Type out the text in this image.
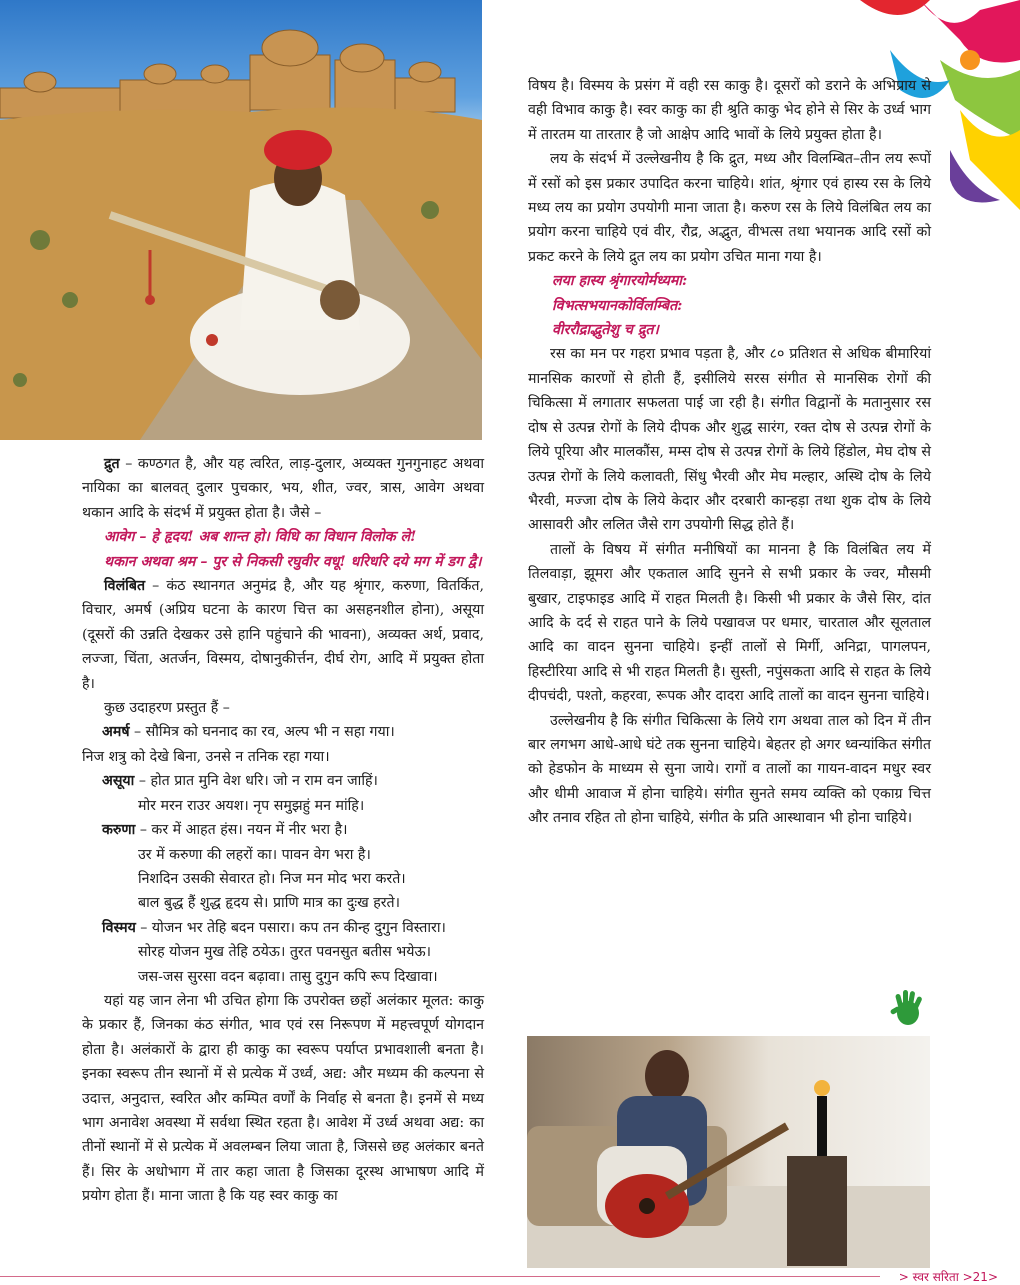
द्रुत – कण्ठगत है, और यह त्वरित, लाड़-दुलार, अव्यक्त गुनगुनाहट अथवा नायिका का बालवत् दुलार पुचकार, भय, शीत, ज्वर, त्रास, आवेग अथवा थकान आदि के संदर्भ में प्रयुक्त होता है। जैसे –

आवेग – हे हृदय! अब शान्त हो। विधि का विधान विलोक ले!

थकान अथवा श्रम – पुर से निकसी रघुवीर वधू! धरिधरि दये मग में डग द्वै।

विलंबित – कंठ स्थानगत अनुमंद्र है, और यह श्रृंगार, करुणा, वितर्कित, विचार, अमर्ष (अप्रिय घटना के कारण चित्त का असहनशील होना), असूया (दूसरों की उन्नति देखकर उसे हानि पहुंचाने की भावना), अव्यक्त अर्थ, प्रवाद, लज्जा, चिंता, अतर्जन, विस्मय, दोषानुकीर्त्तन, दीर्घ रोग, आदि में प्रयुक्त होता है।

कुछ उदाहरण प्रस्तुत हैं –

अमर्ष – सौमित्र को घननाद का रव, अल्प भी न सहा गया।

निज शत्रु को देखे बिना, उनसे न तनिक रहा गया।

असूया – होत प्रात मुनि वेश धरि। जो न राम वन जाहिं।

मोर मरन राउर अयश। नृप समुझहुं मन मांहि।

करुणा – कर में आहत हंस। नयन में नीर भरा है।

उर में करुणा की लहरों का। पावन वेग भरा है।

निशदिन उसकी सेवारत हो। निज मन मोद भरा करते।

बाल बुद्ध हैं शुद्ध हृदय से। प्राणि मात्र का दुःख हरते।

विस्मय – योजन भर तेहि बदन पसारा। कप तन कीन्ह दुगुन विस्तारा।

सोरह योजन मुख तेहि ठयेऊ। तुरत पवनसुत बतीस भयेऊ।

जस-जस सुरसा वदन बढ़ावा। तासु दुगुन कपि रूप दिखावा।

यहां यह जान लेना भी उचित होगा कि उपरोक्त छहों अलंकार मूलत: काकु के प्रकार हैं, जिनका कंठ संगीत, भाव एवं रस निरूपण में महत्त्वपूर्ण योगदान होता है। अलंकारों के द्वारा ही काकु का स्वरूप पर्याप्त प्रभावशाली बनता है। इनका स्वरूप तीन स्थानों में से प्रत्येक में उर्ध्व, अद्य: और मध्यम की कल्पना से उदात्त, अनुदात्त, स्वरित और कम्पित वर्णों के निर्वाह से बनता है। इनमें से मध्य भाग अनावेश अवस्था में सर्वथा स्थित रहता है। आवेश में उर्ध्व अथवा अद्य: का तीनों स्थानों में से प्रत्येक में अवलम्बन लिया जाता है, जिससे छह अलंकार बनते हैं। सिर के अधोभाग में तार कहा जाता है जिसका दूरस्थ आभाषण आदि में प्रयोग होता हैं। माना जाता है कि यह स्वर काकु का

विषय है। विस्मय के प्रसंग में वही रस काकु है। दूसरों को डराने के अभिप्राय से वही विभाव काकु है। स्वर काकु का ही श्रुति काकु भेद होने से सिर के उर्ध्व भाग में तारतम या तारतार है जो आक्षेप आदि भावों के लिये प्रयुक्त होता है।

लय के संदर्भ में उल्लेखनीय है कि द्रुत, मध्य और विलम्बित–तीन लय रूपों में रसों को इस प्रकार उपादित करना चाहिये। शांत, श्रृंगार एवं हास्य रस के लिये मध्य लय का प्रयोग उपयोगी माना जाता है। करुण रस के लिये विलंबित लय का प्रयोग करना चाहिये एवं वीर, रौद्र, अद्भुत, वीभत्स तथा भयानक आदि रसों को प्रकट करने के लिये द्रुत लय का प्रयोग उचित माना गया है।

लया हास्य श्रृंगारयोर्मध्यमा:

विभत्सभयानकोर्विलम्बित:

वीररौद्राद्भुतेशु च द्रुत।

रस का मन पर गहरा प्रभाव पड़ता है, और ८० प्रतिशत से अधिक बीमारियां मानसिक कारणों से होती हैं, इसीलिये सरस संगीत से मानसिक रोगों की चिकित्सा में लगातार सफलता पाई जा रही है। संगीत विद्वानों के मतानुसार रस दोष से उत्पन्न रोगों के लिये दीपक और शुद्ध सारंग, रक्त दोष से उत्पन्न रोगों के लिये पूरिया और मालकौंस, मम्स दोष से उत्पन्न रोगों के लिये हिंडोल, मेघ दोष से उत्पन्न रोगों के लिये कलावती, सिंधु भैरवी और मेघ मल्हार, अस्थि दोष के लिये भैरवी, मज्जा दोष के लिये केदार और दरबारी कान्हड़ा तथा शुक दोष के लिये आसावरी और ललित जैसे राग उपयोगी सिद्ध होते हैं।

तालों के विषय में संगीत मनीषियों का मानना है कि विलंबित लय में तिलवाड़ा, झूमरा और एकताल आदि सुनने से सभी प्रकार के ज्वर, मौसमी बुखार, टाइफाइड आदि में राहत मिलती है। किसी भी प्रकार के जैसे सिर, दांत आदि के दर्द से राहत पाने के लिये पखावज पर धमार, चारताल और सूलताल आदि का वादन सुनना चाहिये। इन्हीं तालों से मिर्गी, अनिद्रा, पागलपन, हिस्टीरिया आदि से भी राहत मिलती है। सुस्ती, नपुंसकता आदि से राहत के लिये दीपचंदी, पश्तो, कहरवा, रूपक और दादरा आदि तालों का वादन सुनना चाहिये।

उल्लेखनीय है कि संगीत चिकित्सा के लिये राग अथवा ताल को दिन में तीन बार लगभग आधे-आधे घंटे तक सुनना चाहिये। बेहतर हो अगर ध्वन्यांकित संगीत को हेडफोन के माध्यम से सुना जाये। रागों व तालों का गायन-वादन मधुर स्वर और धीमी आवाज में होना चाहिये। संगीत सुनते समय व्यक्ति को एकाग्र चित्त और तनाव रहित तो होना चाहिये, संगीत के प्रति आस्थावान भी होना चाहिये।

> स्वर सरिता >21>
